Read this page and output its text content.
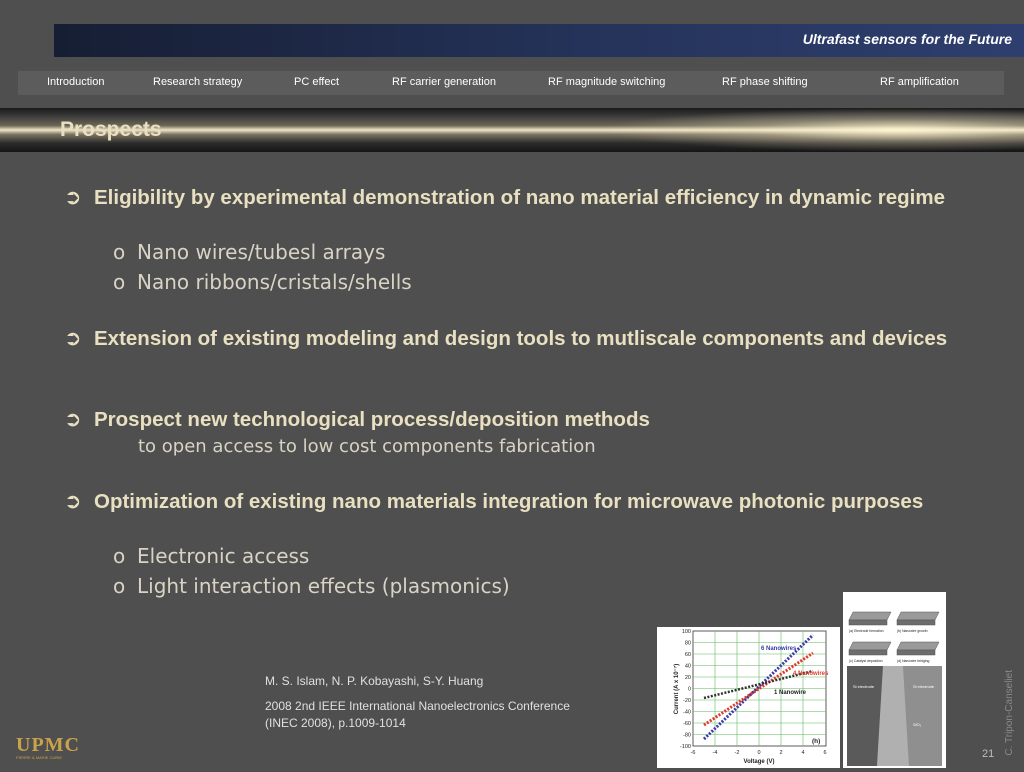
Ultrafast sensors for the Future
Introduction	Research strategy	PC effect	RF carrier generation	RF magnitude switching	RF phase shifting	RF amplification
Prospects
➲ Eligibility by experimental demonstration of nano material efficiency in dynamic regime
o Nano wires/tubesl arrays
o Nano ribbons/cristals/shells
➲ Extension of existing modeling and design tools to mutliscale components and devices
➲ Prospect new technological process/deposition methods
to open access to low cost components fabrication
➲ Optimization of existing nano materials integration for microwave photonic purposes
o Electronic access
o Light interaction effects (plasmonics)
M. S. Islam, N. P. Kobayashi, S-Y. Huang
2008 2nd IEEE International Nanoelectronics Conference
(INEC 2008), p.1009-1014
100
80
60
40
20
0
-20
-40
-60
-80
-100
-6	-4	-2	0	2	4	6
Voltage (V)
Current (A x 10⁻⁷)
6 Nanowires
4 Nanowires
1 Nanowire
(h)
(a) Electrode formation	(b) Nanowire growth
(c) Catalyst deposition	(d) Nanowire bridging
Si electrode	Si electrode
SiO₂
UPMC
PIERRE & MARIE CURIE	21 C. Tripon-Canseliet
